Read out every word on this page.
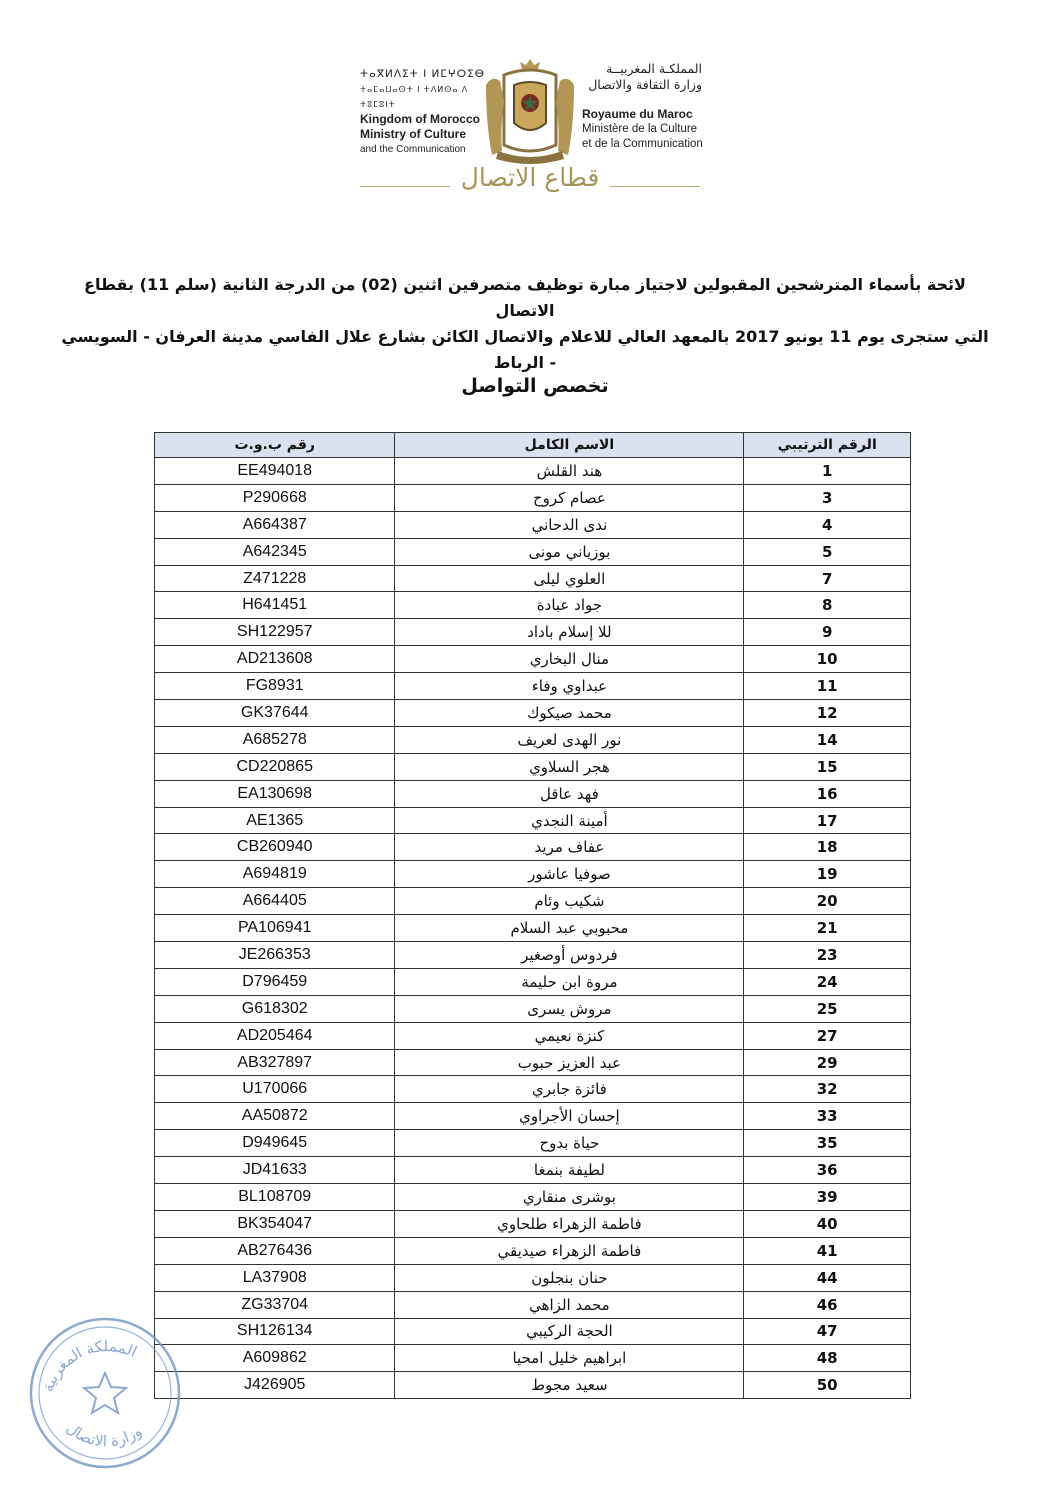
ⵜⴰⴳⵍⴷⵉⵜ ⵏ ⵍⵎⵖⵔⵉⴱ
ⵜⴰⵎⴰⵡⴰⵙⵜ ⵏ ⵜⴷⵍⵙⴰ ⴷ ⵜⵓⵎⵓⵏⵜ
Kingdom of Morocco
Ministry of Culture
and the Communication
المملكـة المغربيــة
وزارة الثقافة والاتصال
Royaume du Maroc
Ministère de la Culture
et de la Communication
قطاع الاتصال
لائحة بأسماء المترشحين المقبولين لاجتياز مبارة توظيف متصرفين اثنين (02) من الدرجة الثانية (سلم 11) بقطاع الاتصال
التي ستجرى يوم 11 يونيو 2017 بالمعهد العالي للاعلام والاتصال الكائن بشارع علال الفاسي مدينة العرفان - السويسي - الرباط
تخصص التواصل
الرقم الترتيبي	الاسم الكامل	رقم ب.و.ت
1	هند القلش	EE494018
3	عصام كروح	P290668
4	ندى الدحاني	A664387
5	بوزياني مونى	A642345
7	العلوي ليلى	Z471228
8	جواد عبادة	H641451
9	للا إسلام باداد	SH122957
10	منال البخاري	AD213608
11	عبداوي وفاء	FG8931
12	محمد صيكوك	GK37644
14	نور الهدى لعريف	A685278
15	هجر السلاوي	CD220865
16	فهد عاقل	EA130698
17	أمينة النجدي	AE1365
18	عفاف مريد	CB260940
19	صوفيا عاشور	A694819
20	شكيب وئام	A664405
21	محبوبي عبد السلام	PA106941
23	فردوس أوصغير	JE266353
24	مروة ابن حليمة	D796459
25	مروش يسرى	G618302
27	كنزة نعيمي	AD205464
29	عبد العزيز حبوب	AB327897
32	فائزة جابري	U170066
33	إحسان الأجراوي	AA50872
35	حياة بدوح	D949645
36	لطيفة بنمغا	JD41633
39	بوشرى منقاري	BL108709
40	فاطمة الزهراء طلحاوي	BK354047
41	فاطمة الزهراء صيديقي	AB276436
44	حنان بنجلون	LA37908
46	محمد الزاهي	ZG33704
47	الحجة الركيبي	SH126134
48	ابراهيم خليل امحيا	A609862
50	سعيد مجوط	J426905
المملكة المغربية
وزارة الاتصال
